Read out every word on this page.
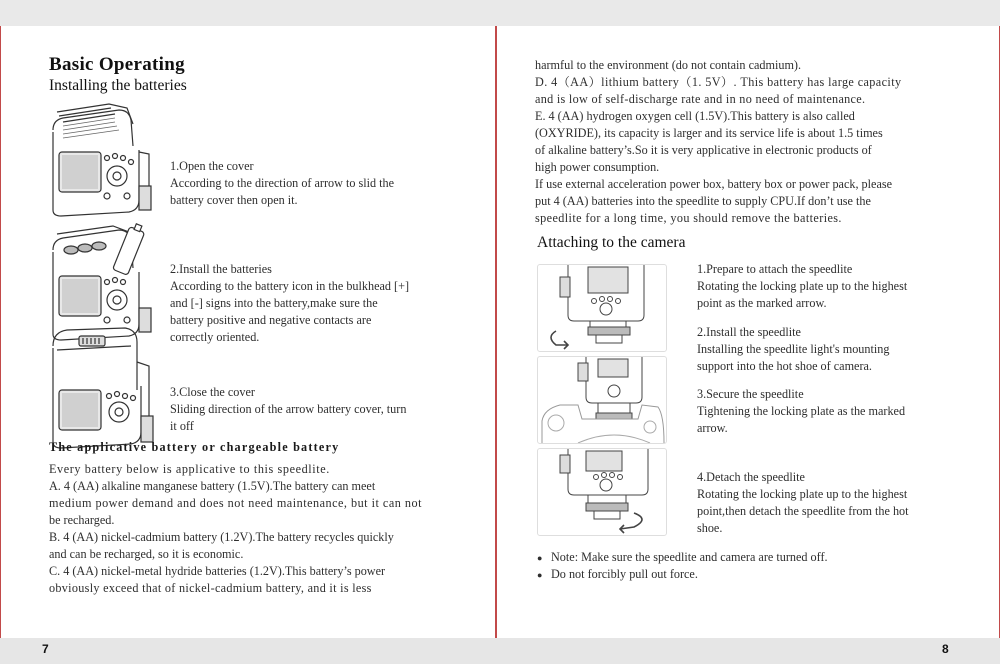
Basic Operating
Installing the batteries
1.Open the cover
According to the direction of arrow to slid the
battery cover then open it.
2.Install the batteries
According to the battery icon in the bulkhead [+]
and [-] signs into the battery,make sure the
battery positive and negative contacts are
correctly oriented.
3.Close the cover
Sliding direction of the arrow battery cover, turn
it off
The applicative battery or chargeable battery
Every battery below is applicative to this speedlite.
A. 4 (AA) alkaline manganese battery (1.5V).The battery can meet
medium power demand and does not need maintenance, but it can not
be recharged.
B. 4 (AA) nickel-cadmium battery (1.2V).The battery recycles quickly
and can be recharged, so it is economic.
C. 4 (AA) nickel-metal hydride batteries (1.2V).This battery’s power
obviously exceed that of nickel-cadmium battery, and it is less
harmful to the environment (do not contain cadmium).
D. 4（AA）lithium battery（1. 5V）. This battery has large capacity
and is low of self-discharge rate and in no need of maintenance.
E. 4 (AA) hydrogen oxygen cell (1.5V).This battery is also called
(OXYRIDE), its capacity is larger and its service life is about 1.5 times
of alkaline battery’s.So it is very applicative in electronic products of
high power consumption.
If use external acceleration power box, battery box or power pack, please
put 4 (AA) batteries into the speedlite to supply CPU.If don’t use the
speedlite for a long time, you should remove the batteries.
Attaching to the camera
1.Prepare to attach the speedlite
Rotating the locking plate up to the highest
point as the marked arrow.
2.Install the speedlite
Installing the speedlite light's mounting
support into the hot shoe of camera.
3.Secure the speedlite
Tightening the locking plate as the marked
arrow.
4.Detach the speedlite
Rotating the locking plate up to the highest
point,then detach the speedlite from the hot
shoe.
● Note: Make sure the speedlite and camera are turned off.
● Do not forcibly pull out force.
7	8
